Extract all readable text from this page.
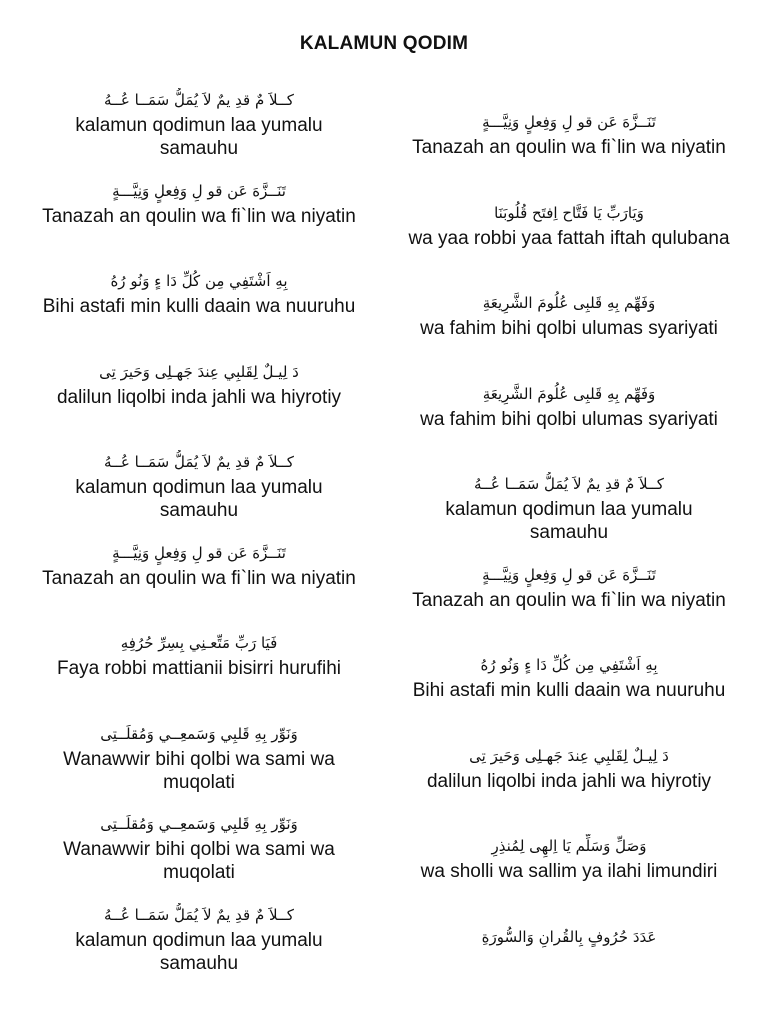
KALAMUN QODIM
كــلاَ مٌ قدِ يمٌ لاَ يُمَلُّ سَمَــا عُــهُ
kalamun qodimun laa yumalu samauhu
تَنَــزَّهَ عَن قو لِ وَفِعلٍ وَنِيَّـــةٍ
Tanazah an qoulin wa fi`lin wa niyatin
بِهِ اَشْتَفِي مِن كُلِّ دَا ءٍ وَنُو رُهُ
Bihi astafi min kulli daain wa nuuruhu
دَ لِيـلٌ لِقَلبِي عِندَ جَهـلِى وَحَيرَ تِى
dalilun liqolbi inda jahli wa hiyrotiy
كــلاَ مٌ قدِ يمٌ لاَ يُمَلُّ سَمَــا عُــهُ
kalamun qodimun laa yumalu samauhu
تَنَــزَّهَ عَن قو لِ وَفِعلٍ وَنِيَّـــةٍ
Tanazah an qoulin wa fi`lin wa niyatin
فَيَا رَبِّ مَتِّعـنِي بِسِرِّ حُرُفِهِ
Faya robbi mattianii bisirri hurufihi
وَنَوِّر بِهِ قَلبِي وَسَمعِــي وَمُقلَــتِى
Wanawwir bihi qolbi wa sami wa muqolati
وَنَوِّر بِهِ قَلبِي وَسَمعِــي وَمُقلَــتِى
Wanawwir bihi qolbi wa sami wa muqolati
كــلاَ مٌ قدِ يمٌ لاَ يُمَلُّ سَمَــا عُــهُ
kalamun qodimun laa yumalu samauhu
تَنَــزَّهَ عَن قو لِ وَفِعلٍ وَنِيَّـــةٍ
Tanazah an qoulin wa fi`lin wa niyatin
وَيَارَبِّ يَا فَتَّاح اِفتَح قُلُوبَنَا
wa yaa robbi yaa fattah iftah qulubana
وَفَهِّم بِهِ قَلبِى عُلُومَ الشَّرِيعَةِ
wa fahim bihi qolbi ulumas syariyati
وَفَهِّم بِهِ قَلبِى عُلُومَ الشَّرِيعَةِ
wa fahim bihi qolbi ulumas syariyati
كــلاَ مٌ قدِ يمٌ لاَ يُمَلُّ سَمَــا عُــهُ
kalamun qodimun laa yumalu samauhu
تَنَــزَّهَ عَن قو لِ وَفِعلٍ وَنِيَّـــةٍ
Tanazah an qoulin wa fi`lin wa niyatin
بِهِ اَشْتَفِي مِن كُلِّ دَا ءٍ وَنُو رُهُ
Bihi astafi min kulli daain wa nuuruhu
دَ لِيـلٌ لِقَلبِي عِندَ جَهـلِى وَحَيرَ تِى
dalilun liqolbi inda jahli wa hiyrotiy
وَصَلِّ وَسَلِّم يَا اِلهِى لِمُنذِرِ
wa sholli wa sallim ya ilahi limundiri
عَدَدَ حُرُوفٍ بِالقُرانِ وَالسُّورَةِ
